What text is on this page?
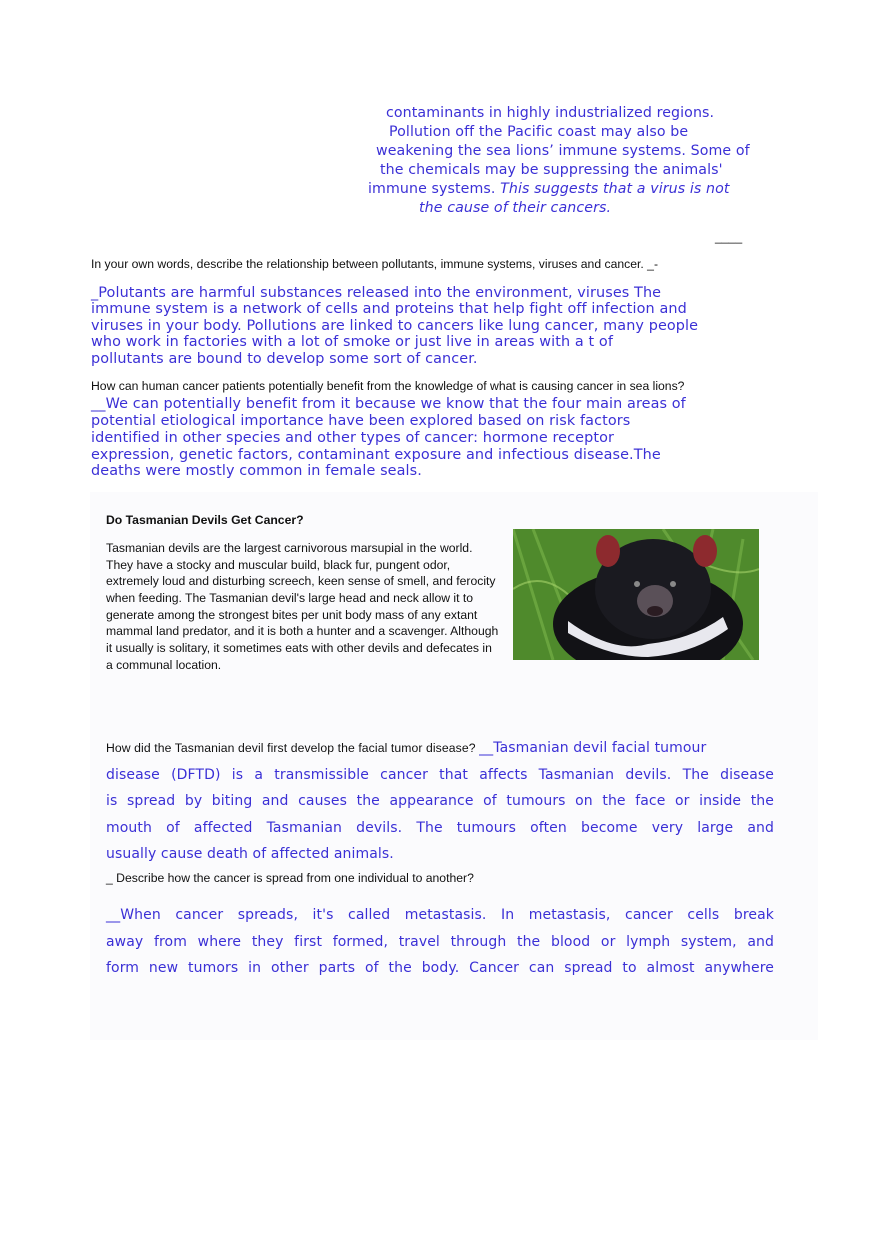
contaminants in highly industrialized regions.
Pollution off the Pacific coast may also be
weakening the sea lions’ immune systems. Some of
the chemicals may be suppressing the animals'
immune systems. This suggests that a virus is not
the cause of their cancers.
____
In your own words, describe the relationship between pollutants, immune systems, viruses and cancer. _-
_Polutants are harmful substances released into the environment, viruses The
immune system is a network of cells and proteins that help fight off infection and
viruses in your body. Pollutions are linked to cancers like lung cancer, many people
who work in factories with a lot of smoke or just live in areas with a t of
pollutants are bound to develop some sort of cancer.
How can human cancer patients potentially benefit from the knowledge of what is causing cancer in sea lions?
__We can potentially benefit from it because we know that the four main areas of
potential etiological importance have been explored based on risk factors
identified in other species and other types of cancer: hormone receptor
expression, genetic factors, contaminant exposure and infectious disease.The
deaths were mostly common in female seals.
Do Tasmanian Devils Get Cancer?
Tasmanian devils are the largest carnivorous marsupial in the world.
They have a stocky and muscular build, black fur, pungent odor,
extremely loud and disturbing screech, keen sense of smell, and ferocity
when feeding. The Tasmanian devil's large head and neck allow it to
generate among the strongest bites per unit body mass of any extant
mammal land predator, and it is both a hunter and a scavenger. Although
it usually is solitary, it sometimes eats with other devils and defecates in
a communal location.
How did the Tasmanian devil first develop the facial tumor disease? __Tasmanian devil facial tumour
disease (DFTD) is a transmissible cancer that affects Tasmanian devils. The disease
is spread by biting and causes the appearance of tumours on the face or inside the
mouth of affected Tasmanian devils. The tumours often become very large and
usually cause death of affected animals.
_ Describe how the cancer is spread from one individual to another?
__When cancer spreads, it's called metastasis. In metastasis, cancer cells break
away from where they first formed, travel through the blood or lymph system, and
form new tumors in other parts of the body. Cancer can spread to almost anywhere
